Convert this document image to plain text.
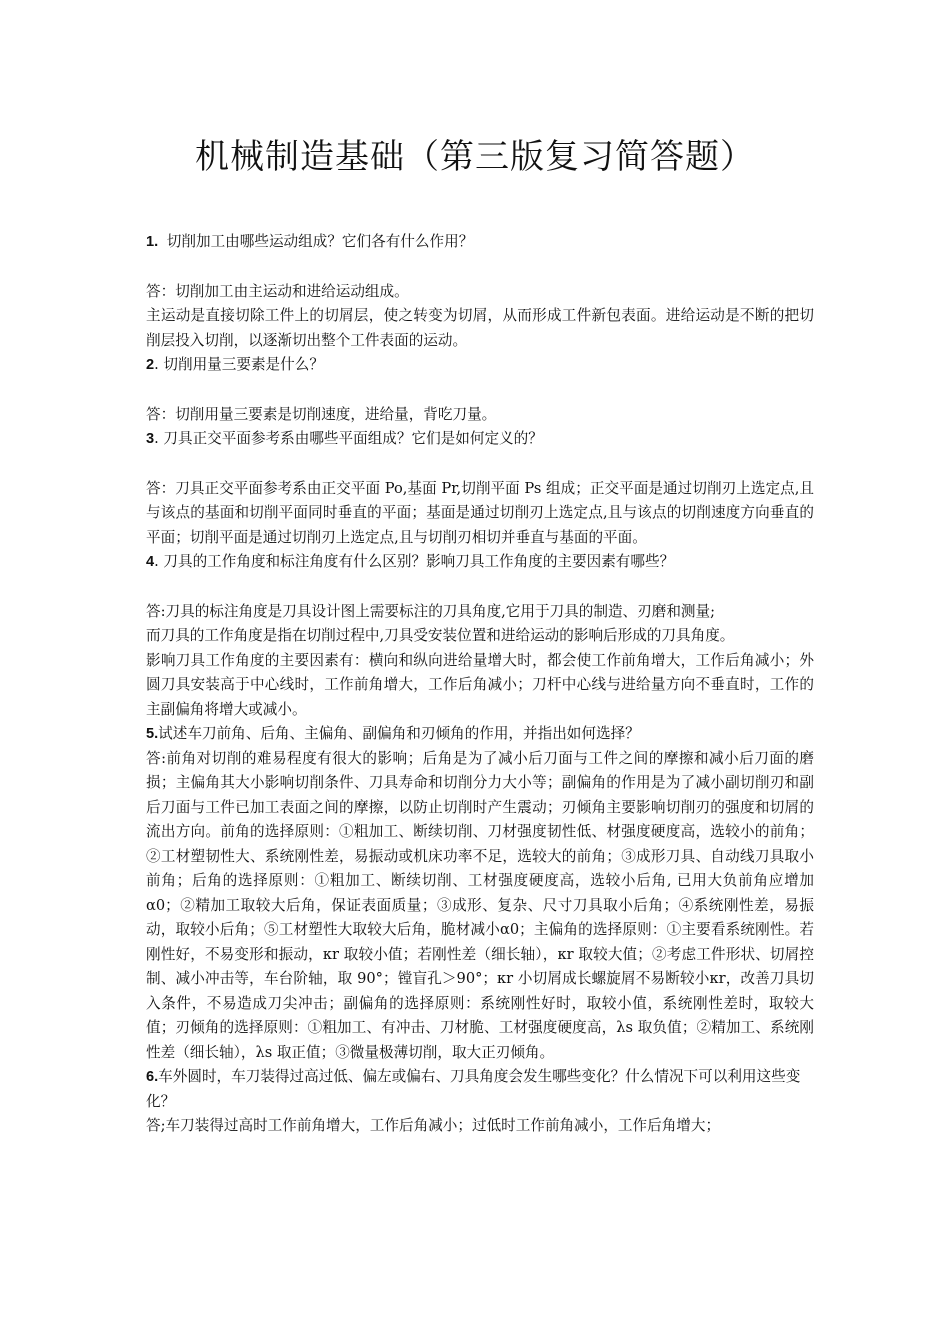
机械制造基础（第三版复习简答题）
1. 切削加工由哪些运动组成？它们各有什么作用？
答：切削加工由主运动和进给运动组成。
主运动是直接切除工件上的切屑层，使之转变为切屑，从而形成工件新包表面。进给运动是不断的把切削层投入切削，以逐渐切出整个工件表面的运动。
2. 切削用量三要素是什么？
答：切削用量三要素是切削速度，进给量，背吃刀量。
3. 刀具正交平面参考系由哪些平面组成？它们是如何定义的？
答：刀具正交平面参考系由正交平面 Po,基面 Pr,切削平面 Ps 组成；正交平面是通过切削刃上选定点,且与该点的基面和切削平面同时垂直的平面；基面是通过切削刃上选定点,且与该点的切削速度方向垂直的平面；切削平面是通过切削刃上选定点,且与切削刃相切并垂直与基面的平面。
4. 刀具的工作角度和标注角度有什么区别？影响刀具工作角度的主要因素有哪些？
答:刀具的标注角度是刀具设计图上需要标注的刀具角度,它用于刀具的制造、刃磨和测量;
而刀具的工作角度是指在切削过程中,刀具受安装位置和进给运动的影响后形成的刀具角度。
影响刀具工作角度的主要因素有：横向和纵向进给量增大时，都会使工作前角增大，工作后角减小；外圆刀具安装高于中心线时，工作前角增大，工作后角减小；刀杆中心线与进给量方向不垂直时，工作的主副偏角将增大或减小。
5.试述车刀前角、后角、主偏角、副偏角和刃倾角的作用，并指出如何选择？
答:前角对切削的难易程度有很大的影响；后角是为了减小后刀面与工件之间的摩擦和减小后刀面的磨损；主偏角其大小影响切削条件、刀具寿命和切削分力大小等；副偏角的作用是为了减小副切削刃和副后刀面与工件已加工表面之间的摩擦，以防止切削时产生震动；刃倾角主要影响切削刃的强度和切屑的流出方向。前角的选择原则：①粗加工、断续切削、刀材强度韧性低、材强度硬度高，选较小的前角；②工材塑韧性大、系统刚性差，易振动或机床功率不足，选较大的前角；③成形刀具、自动线刀具取小前角；后角的选择原则：①粗加工、断续切削、工材强度硬度高，选较小后角, 已用大负前角应增加α0；②精加工取较大后角，保证表面质量；③成形、复杂、尺寸刀具取小后角；④系统刚性差，易振动，取较小后角；⑤工材塑性大取较大后角，脆材减小α0；主偏角的选择原则：①主要看系统刚性。若刚性好，不易变形和振动，κr 取较小值；若刚性差（细长轴），κr 取较大值；②考虑工件形状、切屑控制、减小冲击等，车台阶轴，取 90°；镗盲孔＞90°；κr 小切屑成长螺旋屑不易断较小κr，改善刀具切入条件，不易造成刀尖冲击；副偏角的选择原则：系统刚性好时，取较小值，系统刚性差时，取较大值；刃倾角的选择原则：①粗加工、有冲击、刀材脆、工材强度硬度高，λs 取负值；②精加工、系统刚性差（细长轴），λs 取正值；③微量极薄切削，取大正刃倾角。
6.车外圆时，车刀装得过高过低、偏左或偏右、刀具角度会发生哪些变化？什么情况下可以利用这些变化？
答;车刀装得过高时工作前角增大，工作后角减小；过低时工作前角减小，工作后角增大；
